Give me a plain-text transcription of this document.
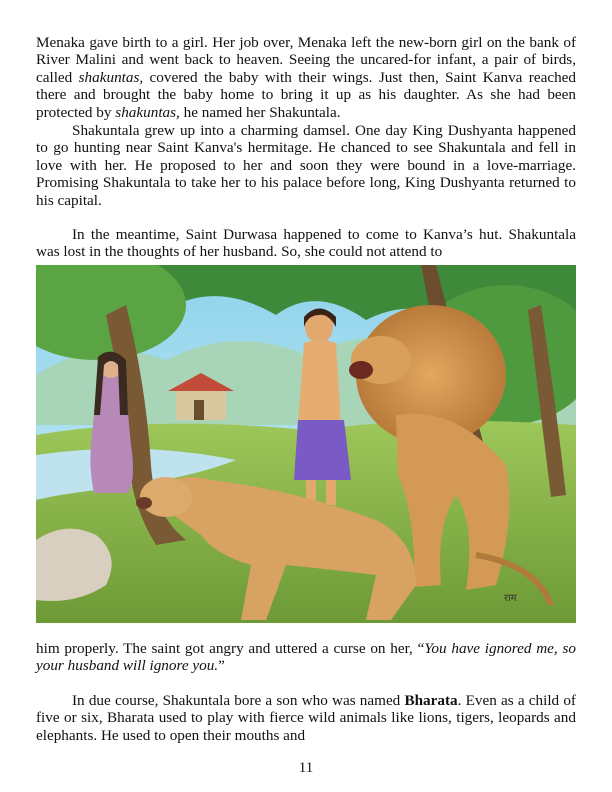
Menaka gave birth to a girl. Her job over, Menaka left the new-born girl on the bank of River Malini and went back to heaven. Seeing the uncared-for infant, a pair of birds, called shakuntas, covered the baby with their wings. Just then, Saint Kanva reached there and brought the baby home to bring it up as his daughter. As she had been protected by shakuntas, he named her Shakuntala.

Shakuntala grew up into a charming damsel. One day King Dushyanta happened to go hunting near Saint Kanva's hermitage. He chanced to see Shakuntala and fell in love with her. He proposed to her and soon they were bound in a love-marriage. Promising Shakuntala to take her to his palace before long, King Dushyanta returned to his capital.

In the meantime, Saint Durwasa happened to come to Kanva’s hut. Shakuntala was lost in the thoughts of her husband. So, she could not attend to

राम

him properly. The saint got angry and uttered a curse on her, “You have ignored me, so your husband will ignore you.”

In due course, Shakuntala bore a son who was named Bharata. Even as a child of five or six, Bharata used to play with fierce wild animals like lions, tigers, leopards and elephants. He used to open their mouths and

11
